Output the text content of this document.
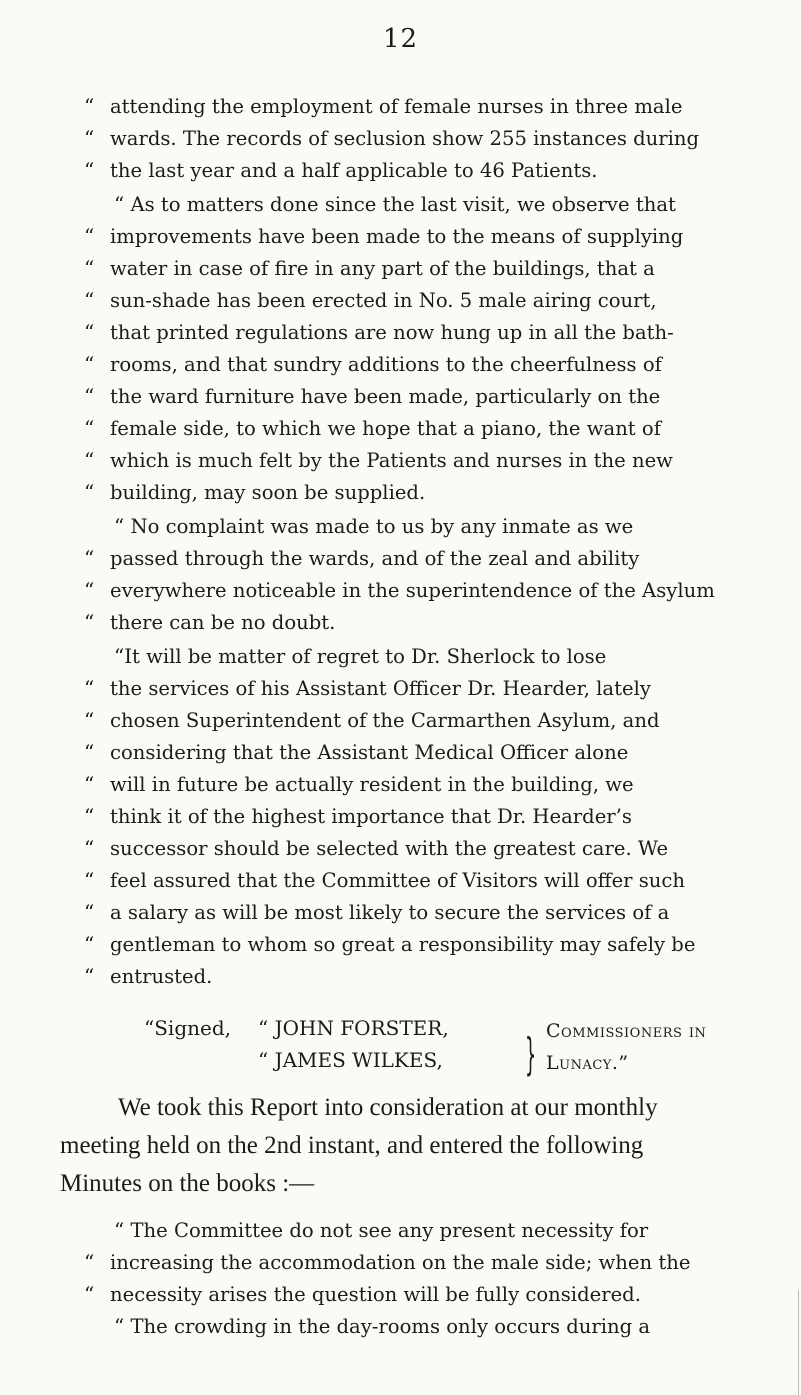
12
“ attending the employment of female nurses in three male
“ wards. The records of seclusion show 255 instances during
“ the last year and a half applicable to 46 Patients.
“ As to matters done since the last visit, we observe that
“ improvements have been made to the means of supplying
“ water in case of fire in any part of the buildings, that a
“ sun-shade has been erected in No. 5 male airing court,
“ that printed regulations are now hung up in all the bath-
“ rooms, and that sundry additions to the cheerfulness of
“ the ward furniture have been made, particularly on the
“ female side, to which we hope that a piano, the want of
“ which is much felt by the Patients and nurses in the new
“ building, may soon be supplied.
“ No complaint was made to us by any inmate as we
“ passed through the wards, and of the zeal and ability
“ everywhere noticeable in the superintendence of the Asylum
“ there can be no doubt.
“It will be matter of regret to Dr. Sherlock to lose
“ the services of his Assistant Officer Dr. Hearder, lately
“ chosen Superintendent of the Carmarthen Asylum, and
“ considering that the Assistant Medical Officer alone
“ will in future be actually resident in the building, we
“ think it of the highest importance that Dr. Hearder’s
“ successor should be selected with the greatest care. We
“ feel assured that the Committee of Visitors will offer such
“ a salary as will be most likely to secure the services of a
“ gentleman to whom so great a responsibility may safely be
“ entrusted.
“Signed, “ JOHN FORSTER,
“ JAMES WILKES, } Commissioners in
Lunacy.”
We took this Report into consideration at our monthly
meeting held on the 2nd instant, and entered the following
Minutes on the books :—
“ The Committee do not see any present necessity for
“ increasing the accommodation on the male side; when the
“ necessity arises the question will be fully considered.
“ The crowding in the day-rooms only occurs during a
